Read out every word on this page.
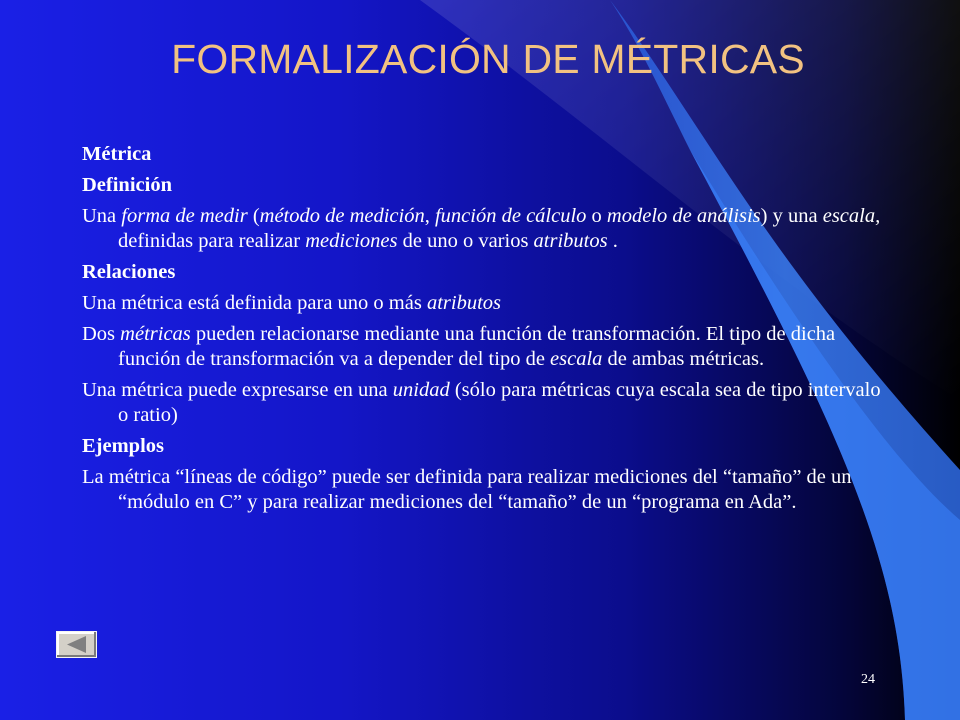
FORMALIZACIÓN DE MÉTRICAS

Métrica

Definición

Una forma de medir (método de medición, función de cálculo o modelo de análisis) y una escala, definidas para realizar mediciones de uno o varios atributos .

Relaciones

Una métrica está definida para uno o más atributos

Dos métricas pueden relacionarse mediante una función de transformación. El tipo de dicha función de transformación va a depender del tipo de escala de ambas métricas.

Una métrica puede expresarse en una unidad (sólo para métricas cuya escala sea de tipo intervalo o ratio)

Ejemplos

La métrica “líneas de código” puede ser definida para realizar mediciones del “tamaño” de un “módulo en C” y para realizar mediciones del “tamaño” de un “programa en Ada”.

24
